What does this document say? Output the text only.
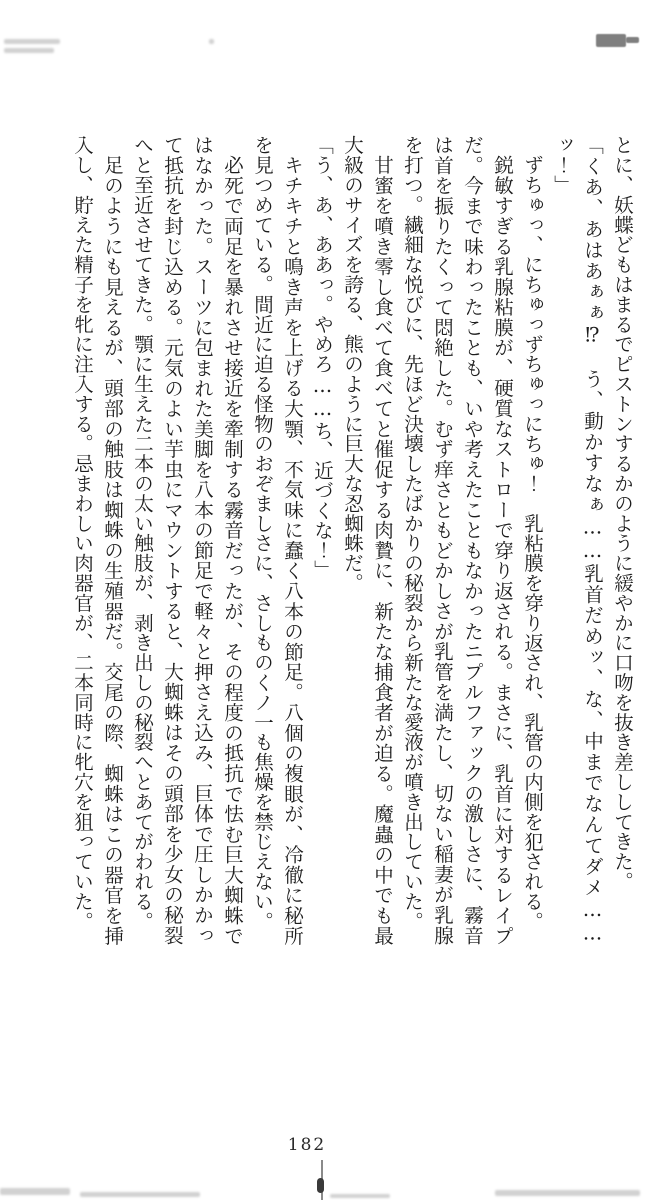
とに、妖蝶どもはまるでピストンするかのように緩やかに口吻を抜き差ししてきた。

「くあ、あはあぁぁ⁉　う、動かすなぁ……乳首だめッ、な、中までなんてダメ……ッ！」

ずちゅっ、にちゅっずちゅっにちゅ！　乳粘膜を穿り返され、乳管の内側を犯される。

鋭敏すぎる乳腺粘膜が、硬質なストローで穿り返される。まさに、乳首に対するレイプだ。今まで味わったことも、いや考えたこともなかったニプルファックの激しさに、霧音は首を振りたくって悶絶した。むず痒さともどかしさが乳管を満たし、切ない稲妻が乳腺を打つ。繊細な悦びに、先ほど決壊したばかりの秘裂から新たな愛液が噴き出していた。

甘蜜を噴き零し食べて食べてと催促する肉贄に、新たな捕食者が迫る。魔蟲の中でも最大級のサイズを誇る、熊のように巨大な忍蜘蛛だ。

「う、あ、ああっ。やめろ……ち、近づくな！」

キチキチと鳴き声を上げる大顎、不気味に蠢く八本の節足。八個の複眼が、冷徹に秘所を見つめている。間近に迫る怪物のおぞましさに、さしものくノ一も焦燥を禁じえない。

必死で両足を暴れさせ接近を牽制する霧音だったが、その程度の抵抗で怯む巨大蜘蛛ではなかった。スーツに包まれた美脚を八本の節足で軽々と押さえ込み、巨体で圧しかかって抵抗を封じ込める。元気のよい芋虫にマウントすると、大蜘蛛はその頭部を少女の秘裂へと至近させてきた。顎に生えた二本の太い触肢が、剥き出しの秘裂へとあてがわれる。

足のようにも見えるが、頭部の触肢は蜘蛛の生殖器だ。交尾の際、蜘蛛はこの器官を挿入し、貯えた精子を牝に注入する。忌まわしい肉器官が、二本同時に牝穴を狙っていた。

182
